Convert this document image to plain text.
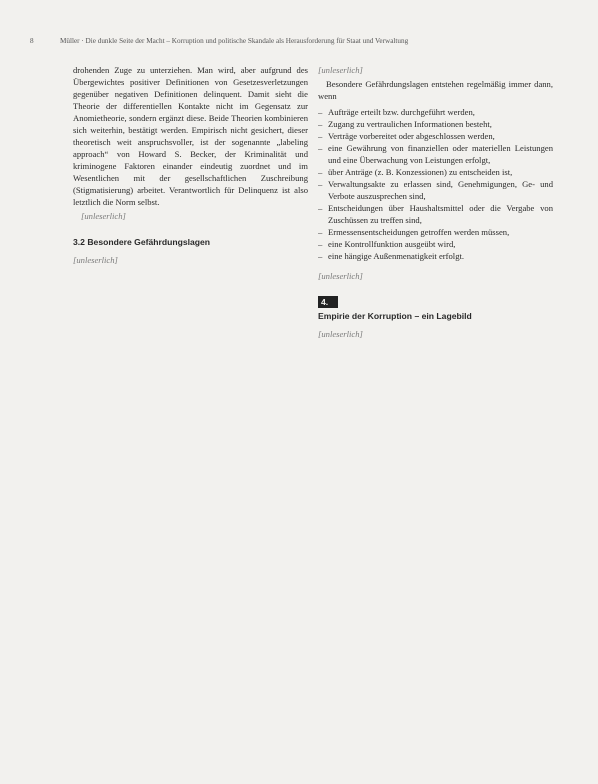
8	Müller · Die dunkle Seite der Macht – Korruption und politische Skandale als Herausforderung für Staat und Verwaltung

drohenden Zuge zu unterziehen. Man wird, aber aufgrund des Übergewichtes positiver Definitionen von Gesetzesverletzungen gegenüber negativen Definitionen delinquent. Damit sieht die Theorie der differentiellen Kontakte nicht im Gegensatz zur Anomietheorie, sondern ergänzt diese. Beide Theorien kombinieren sich weiterhin, bestätigt werden. Empirisch nicht gesichert, dieser theoretisch weit anspruchsvoller, ist der sogenannte „labeling approach“ von Howard S. Becker, der Kriminalität und kriminogene Faktoren einander eindeutig zuordnet und im Wesentlichen mit der gesellschaftlichen Zuschreibung (Stigmatisierung) arbeitet. Verantwortlich für Delinquenz ist also letztlich die Norm selbst.

[unleserlich]

3.2 Besondere Gefährdungslagen

[unleserlich]

[unleserlich]

Besondere Gefährdungslagen entstehen regelmäßig immer dann, wenn

– Aufträge erteilt bzw. durchgeführt werden,
– Zugang zu vertraulichen Informationen besteht,
– Verträge vorbereitet oder abgeschlossen werden,
– eine Gewährung von finanziellen oder materiellen Leistungen und eine Überwachung von Leistungen erfolgt,
– über Anträge (z. B. Konzessionen) zu entscheiden ist,
– Verwaltungsakte zu erlassen sind, Genehmigungen, Ge- und Verbote auszusprechen sind,
– Entscheidungen über Haushaltsmittel oder die Vergabe von Zuschüssen zu treffen sind,
– Ermessensentscheidungen getroffen werden müssen,
– eine Kontrollfunktion ausgeübt wird,
– eine hängige Außenmenatigkeit erfolgt.

[unleserlich]

4.
Empirie der Korruption – ein Lagebild

[unleserlich]
